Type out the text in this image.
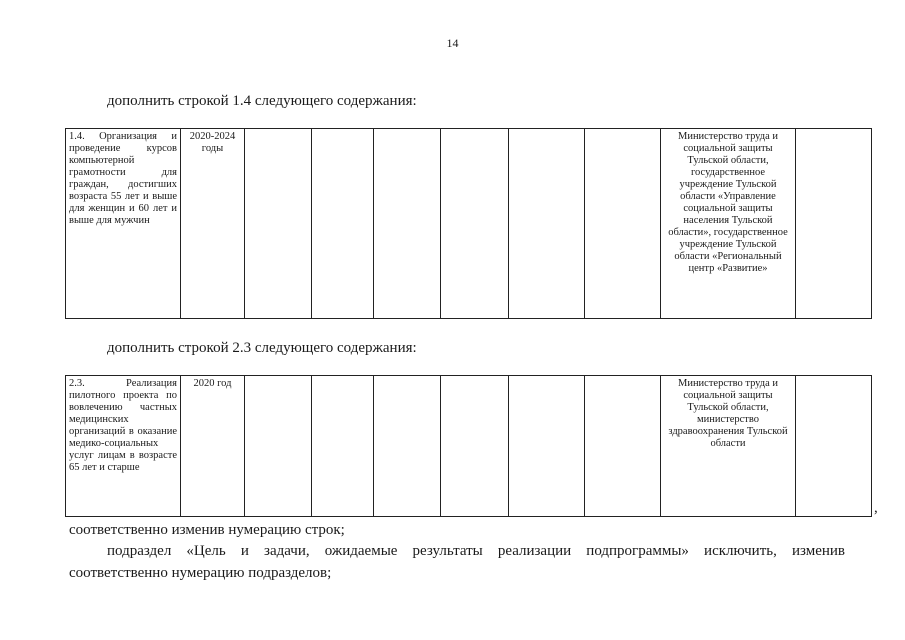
14
дополнить строкой 1.4 следующего содержания:
1.4. Организация и проведение курсов компьютерной грамотности для граждан, достигших возраста 55 лет и выше для женщин и 60 лет и выше для мужчин	2020-2024 годы							Министерство труда и социальной защиты Тульской области, государственное учреждение Тульской области «Управление социальной защиты населения Тульской области», государственное учреждение Тульской области «Региональный центр «Развитие»	
дополнить строкой 2.3 следующего содержания:
2.3. Реализация пилотного проекта по вовлечению частных медицинских организаций в оказание медико-социальных услуг лицам в возрасте 65 лет и старше	2020 год							Министерство труда и социальной защиты Тульской области, министерство здравоохранения Тульской области	
,
соответственно изменив нумерацию строк;
подраздел «Цель и задачи, ожидаемые результаты реализации подпрограммы» исключить, изменив соответственно нумерацию подразделов;
